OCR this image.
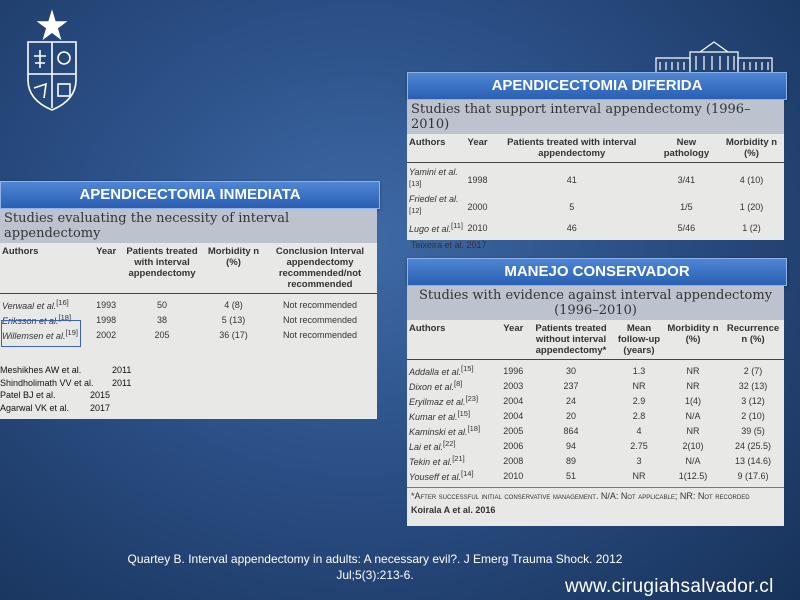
APENDICECTOMIA DIFERIDA
Studies that support interval appendectomy (1996–2010)
Authors	Year	Patients treated with interval appendectomy	New pathology	Morbidity n (%)
Yamini et al.[13]	1998	41	3/41	4 (10)
Friedel et al.[12]	2000	5	1/5	1 (20)
Lugo et al.[11]	2010	46	5/46	1 (2)
Teixeira et al. 2017
APENDICECTOMIA INMEDIATA
Studies evaluating the necessity of interval appendectomy
Authors	Year	Patients treated with interval appendectomy	Morbidity n (%)	Conclusion Interval appendectomy recommended/not recommended
Verwaal et al.[16]	1993	50	4 (8)	Not recommended
Eriksson et al.[18]	1998	38	5 (13)	Not recommended
Willemsen et al.[19]	2002	205	36 (17)	Not recommended
Meshikhes AW et al.	2011
Shindholimath VV et al. 2011
Patel BJ et al.	2015
Agarwal VK et al. 2017
MANEJO CONSERVADOR
Studies with evidence against interval appendectomy (1996–2010)
Authors	Year	Patients treated without interval appendectomy*	Mean follow-up (years)	Morbidity n (%)	Recurrence n (%)
Addalla et al.[15]	1996	30	1.3	NR	2 (7)
Dixon et al.[8]	2003	237	NR	NR	32 (13)
Eryilmaz et al.[23]	2004	24	2.9	1(4)	3 (12)
Kumar et al.[15]	2004	20	2.8	N/A	2 (10)
Kaminski et al.[18]	2005	864	4	NR	39 (5)
Lai et al.[22]	2006	94	2.75	2(10)	24 (25.5)
Tekin et al.[21]	2008	89	3	N/A	13 (14.6)
Youseff et al.[14]	2010	51	NR	1(12.5)	9 (17.6)
*After successful initial conservative management. N/A: Not applicable; NR: Not recorded
Koirala A et al. 2016
Quartey B. Interval appendectomy in adults: A necessary evil?. J Emerg Trauma Shock. 2012 Jul;5(3):213-6.
www.cirugiahsalvador.cl
